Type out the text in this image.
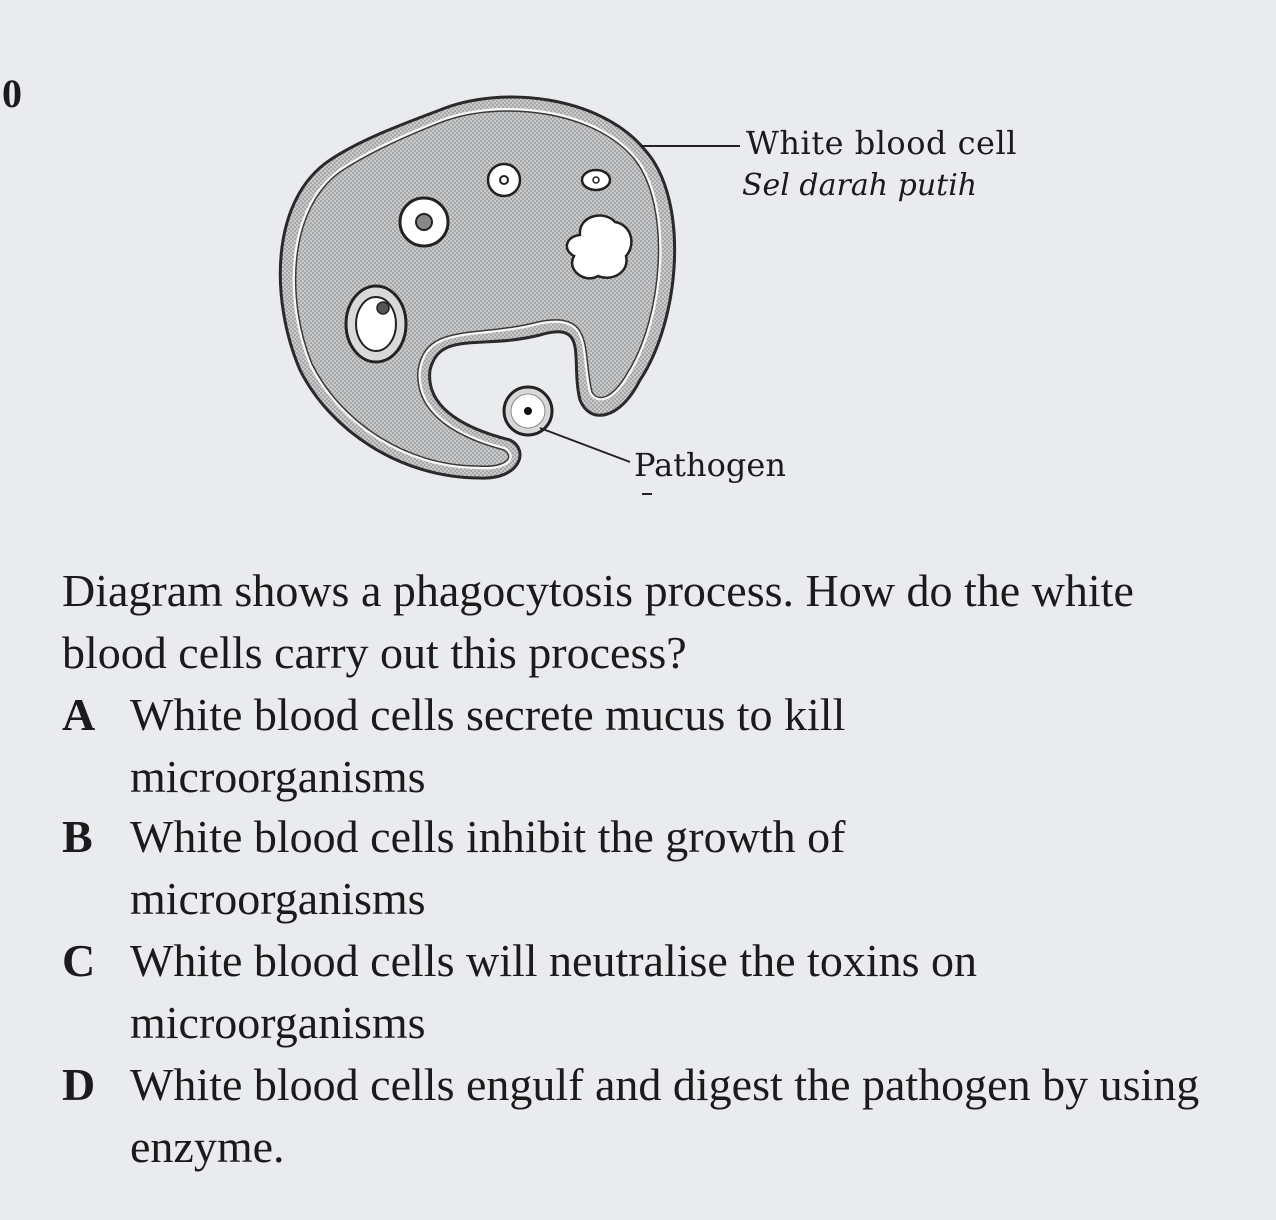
0
White blood cell
Sel darah putih
Pathogen
Diagram shows a phagocytosis process. How do the white blood cells carry out this process?
A White blood cells secrete mucus to kill microorganisms
B White blood cells inhibit the growth of microorganisms
C White blood cells will neutralise the toxins on microorganisms
D White blood cells engulf and digest the pathogen by using enzyme.
